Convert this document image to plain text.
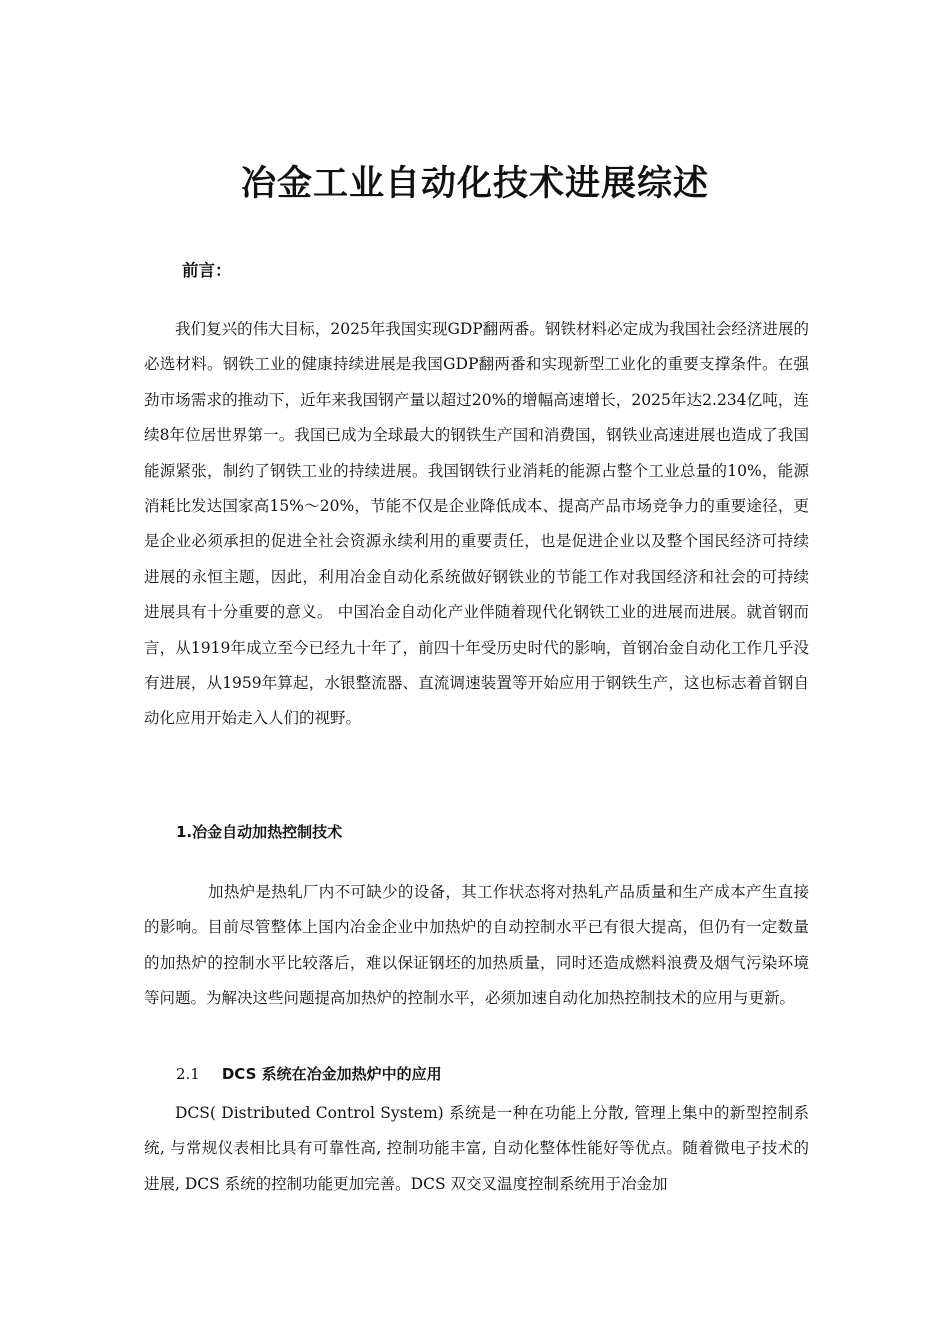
冶金工业自动化技术进展综述
前言：

我们复兴的伟大目标，2025年我国实现GDP翻两番。钢铁材料必定成为我国社会经济进展的必选材料。钢铁工业的健康持续进展是我国GDP翻两番和实现新型工业化的重要支撑条件。在强劲市场需求的推动下，近年来我国钢产量以超过20%的增幅高速增长，2025年达2.234亿吨，连续8年位居世界第一。我国已成为全球最大的钢铁生产国和消费国，钢铁业高速进展也造成了我国能源紧张，制约了钢铁工业的持续进展。我国钢铁行业消耗的能源占整个工业总量的10%，能源消耗比发达国家高15%～20%，节能不仅是企业降低成本、提高产品市场竞争力的重要途径，更是企业必须承担的促进全社会资源永续利用的重要责任，也是促进企业以及整个国民经济可持续进展的永恒主题，因此，利用冶金自动化系统做好钢铁业的节能工作对我国经济和社会的可持续进展具有十分重要的意义。 中国冶金自动化产业伴随着现代化钢铁工业的进展而进展。就首钢而言，从1919年成立至今已经九十年了，前四十年受历史时代的影响，首钢冶金自动化工作几乎没有进展，从1959年算起，水银整流器、直流调速装置等开始应用于钢铁生产，这也标志着首钢自动化应用开始走入人们的视野。

1.冶金自动加热控制技术

加热炉是热轧厂内不可缺少的设备，其工作状态将对热轧产品质量和生产成本产生直接的影响。目前尽管整体上国内冶金企业中加热炉的自动控制水平已有很大提高，但仍有一定数量的加热炉的控制水平比较落后，难以保证钢坯的加热质量，同时还造成燃料浪费及烟气污染环境等问题。为解决这些问题提高加热炉的控制水平，必须加速自动化加热控制技术的应用与更新。

2.1 DCS 系统在冶金加热炉中的应用

DCS( Distributed Control System) 系统是一种在功能上分散, 管理上集中的新型控制系统, 与常规仪表相比具有可靠性高, 控制功能丰富, 自动化整体性能好等优点。随着微电子技术的进展, DCS 系统的控制功能更加完善。DCS 双交叉温度控制系统用于冶金加
